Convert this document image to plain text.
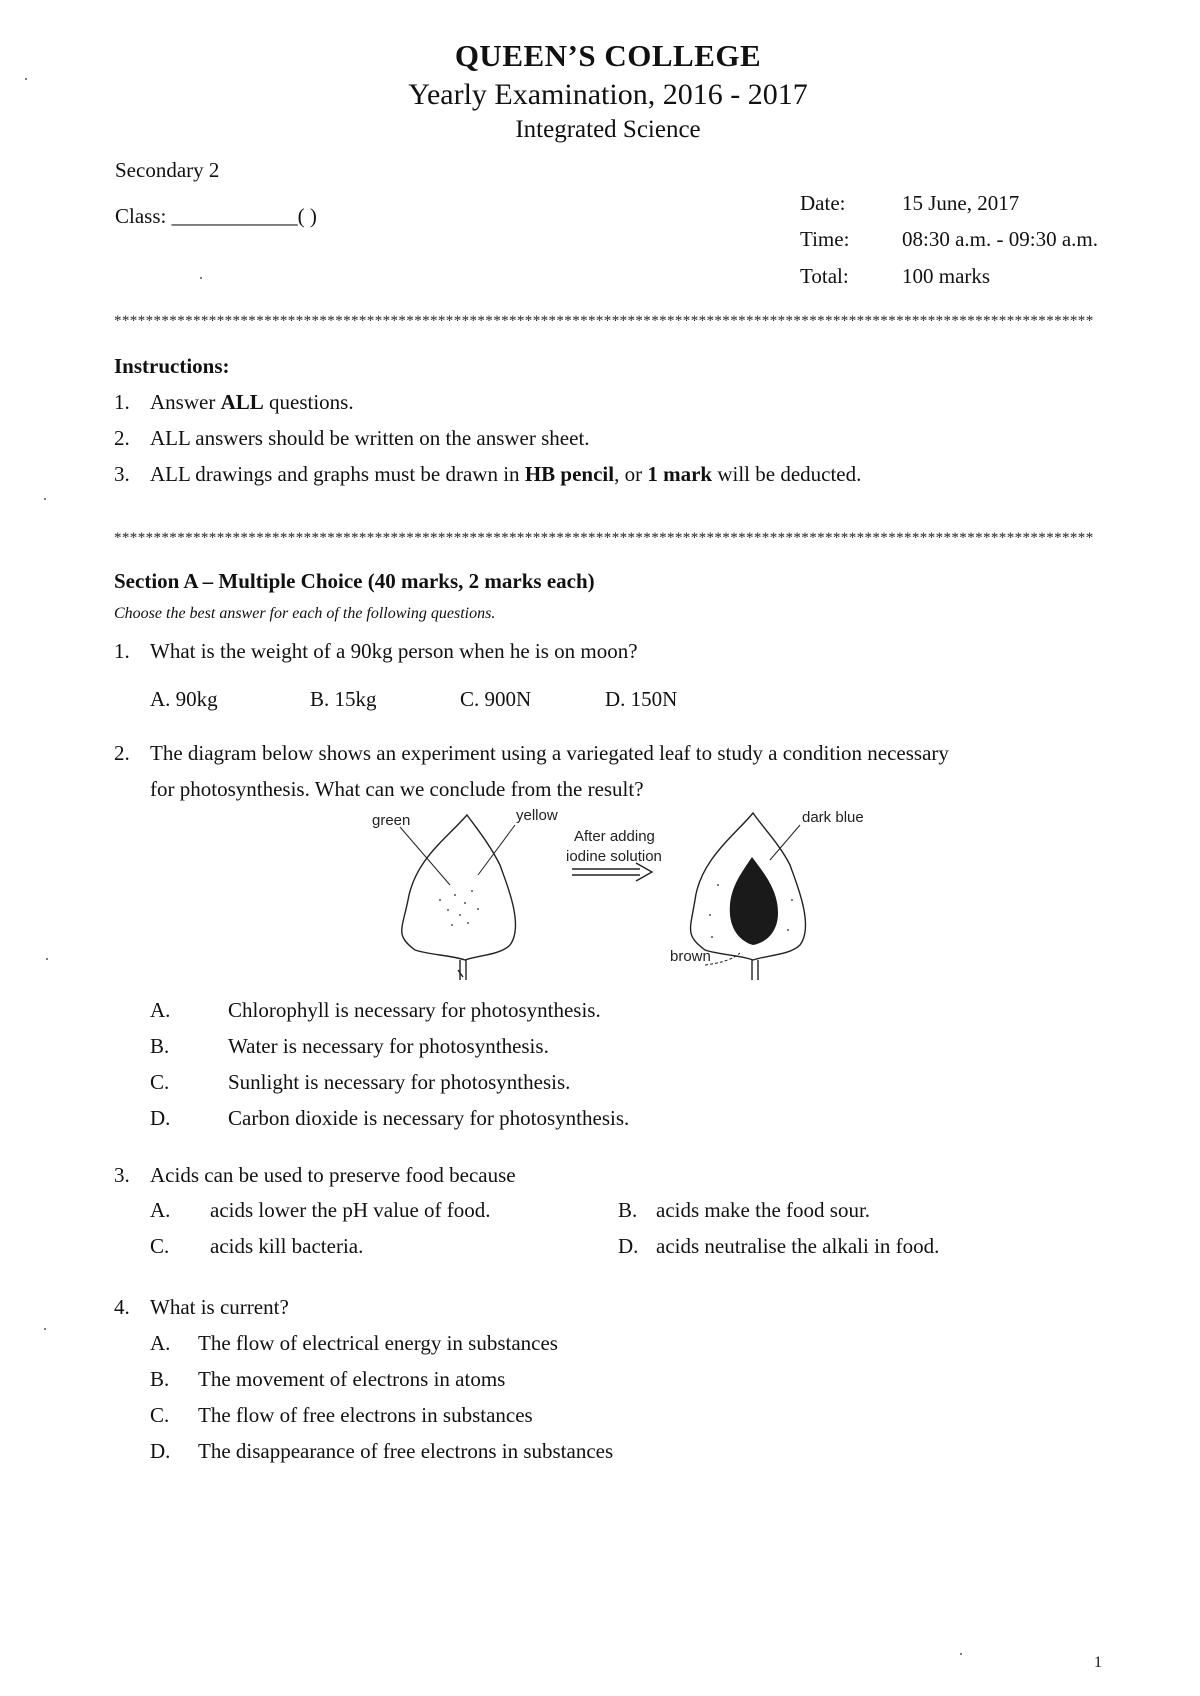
QUEEN’S COLLEGE
Yearly Examination, 2016 - 2017
Integrated Science
Secondary 2
Class: ____________( )
Date:	15 June, 2017
Time:	08:30 a.m. - 09:30 a.m.
Total:	100 marks
****************************************************************************************************************************
Instructions:
1. Answer ALL questions.
2. ALL answers should be written on the answer sheet.
3. ALL drawings and graphs must be drawn in HB pencil, or 1 mark will be deducted.
****************************************************************************************************************************
Section A – Multiple Choice (40 marks, 2 marks each)
Choose the best answer for each of the following questions.
1. What is the weight of a 90kg person when he is on moon?
A. 90kg	B. 15kg	C. 900N	D. 150N
2. The diagram below shows an experiment using a variegated leaf to study a condition necessary
for photosynthesis. What can we conclude from the result?
green	yellow
After adding
iodine solution
dark blue
brown
A.	Chlorophyll is necessary for photosynthesis.
B.	Water is necessary for photosynthesis.
C.	Sunlight is necessary for photosynthesis.
D.	Carbon dioxide is necessary for photosynthesis.
3. Acids can be used to preserve food because
A. acids lower the pH value of food.	B. acids make the food sour.
C. acids kill bacteria.	D. acids neutralise the alkali in food.
4. What is current?
A. The flow of electrical energy in substances
B. The movement of electrons in atoms
C. The flow of free electrons in substances
D. The disappearance of free electrons in substances
1
